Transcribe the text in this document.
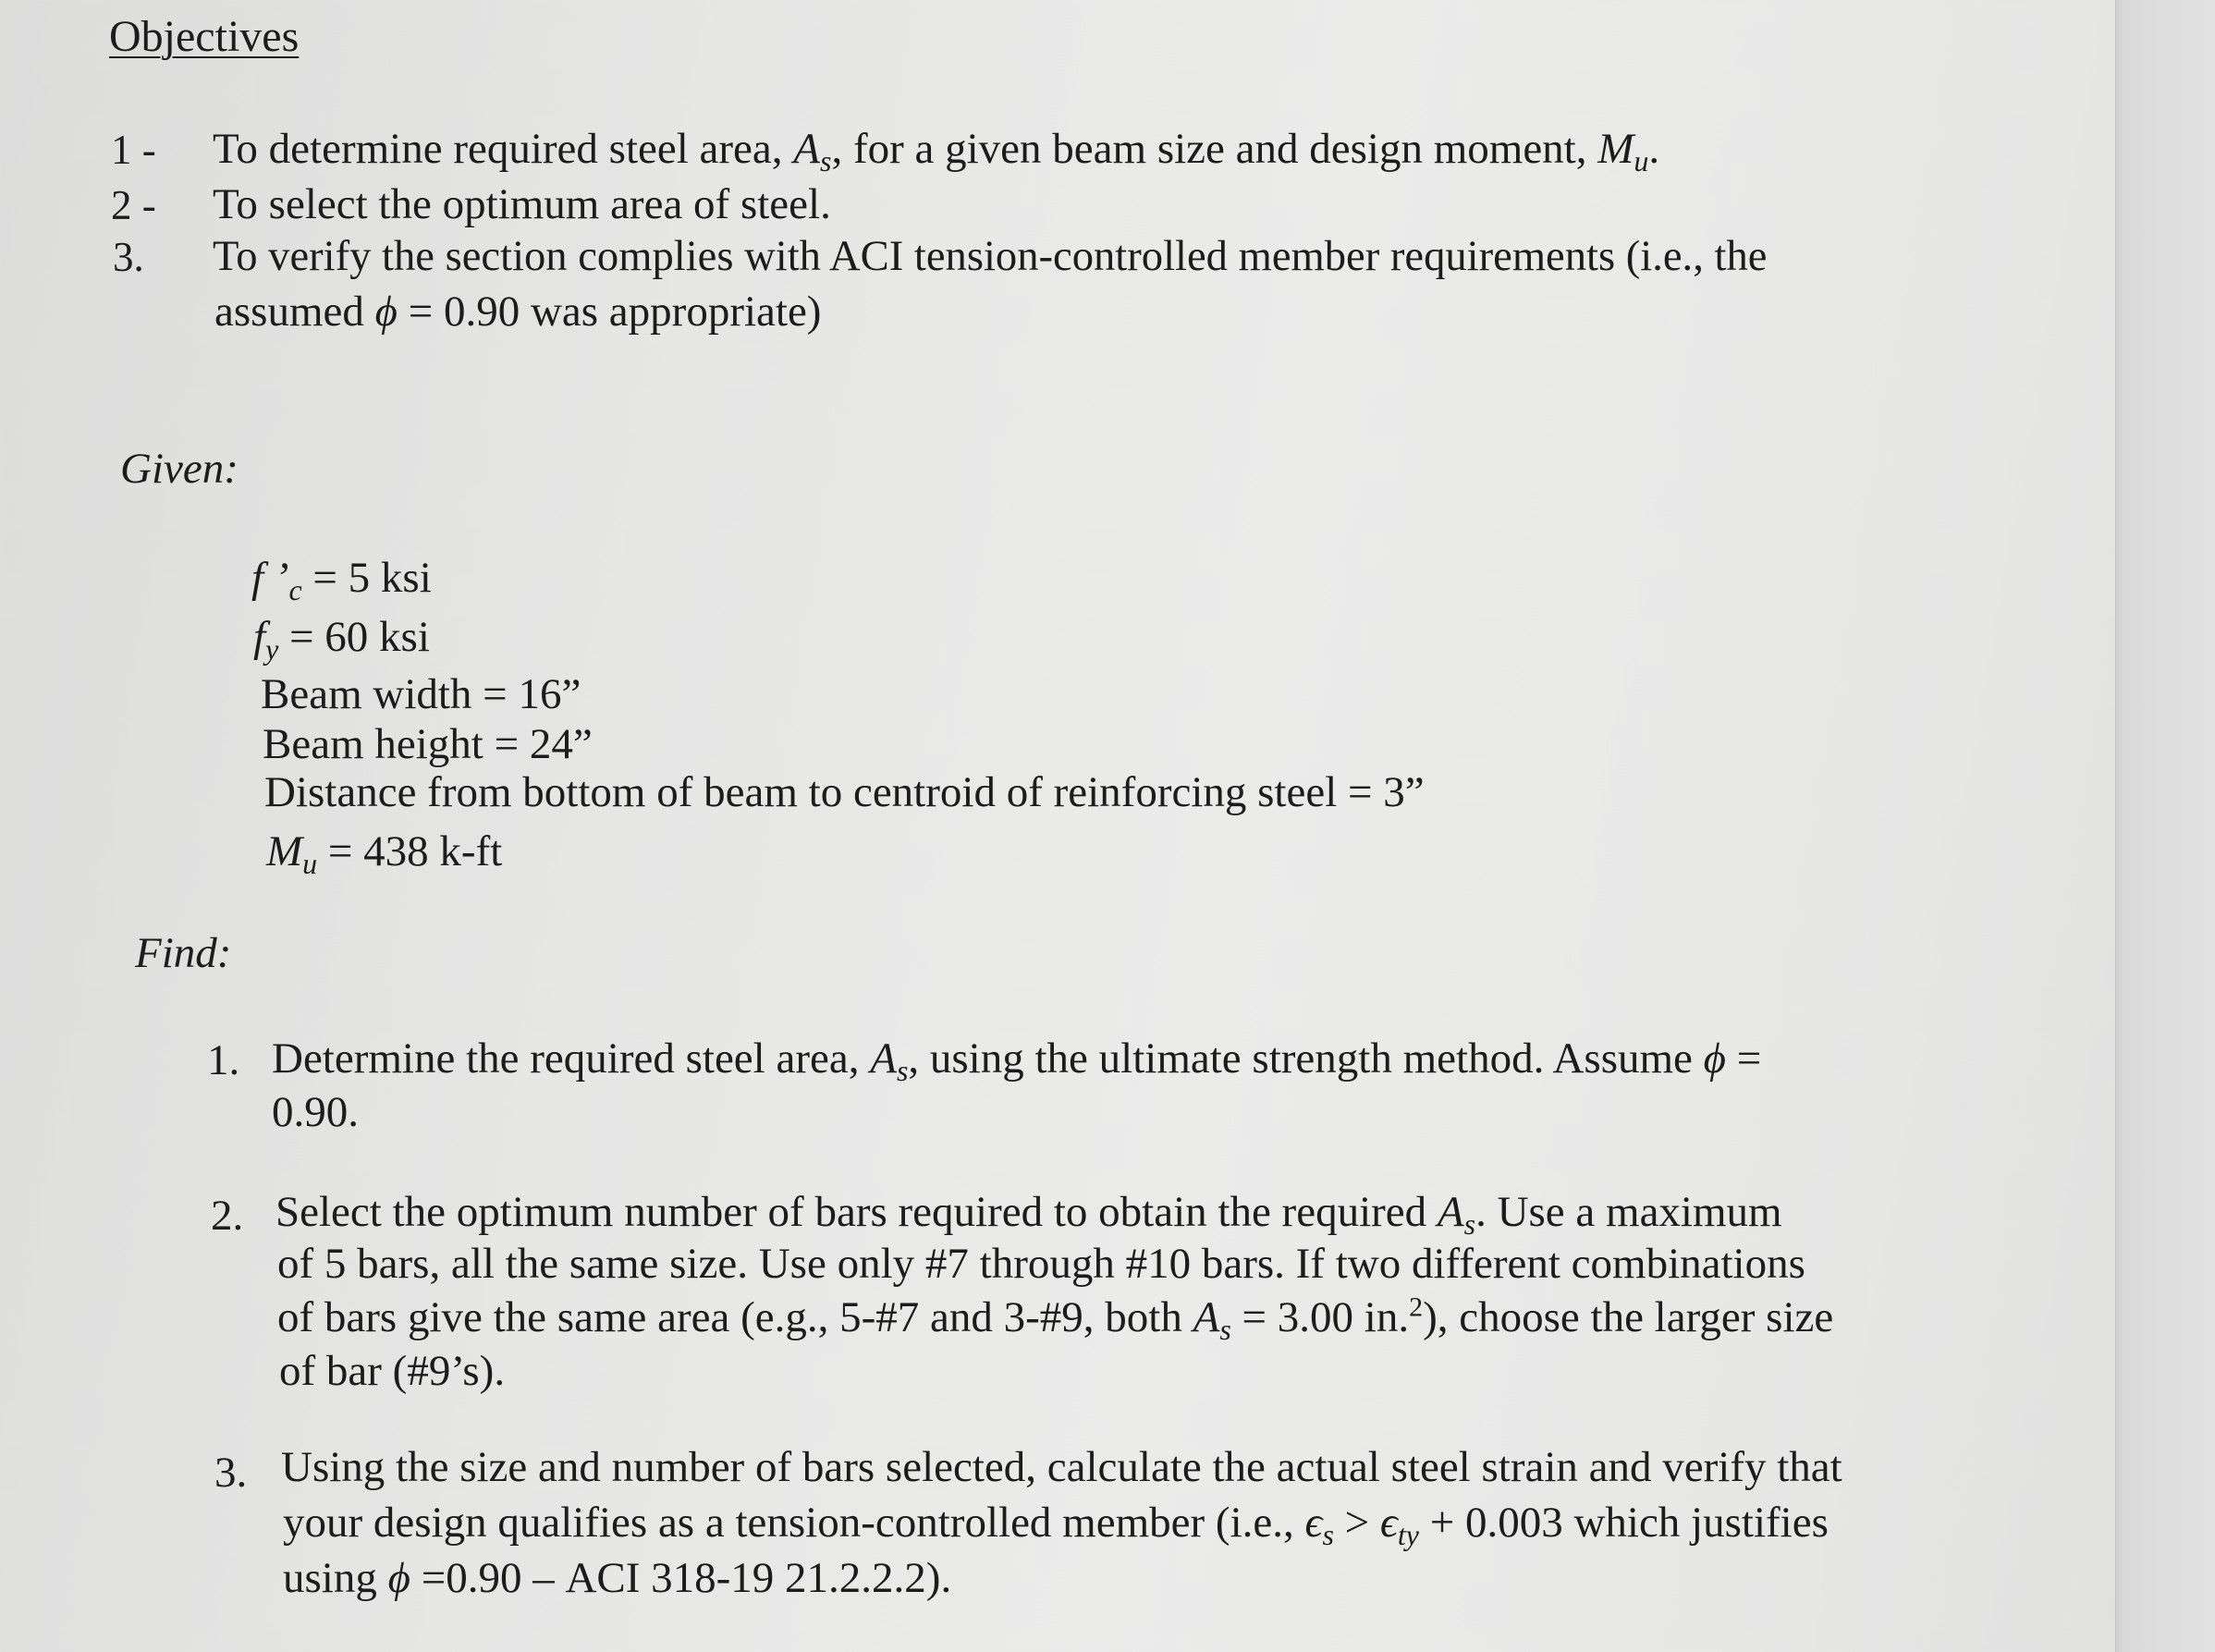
Objectives
1 - To determine required steel area, $A_s$, for a given beam size and design moment, $M_u$.
2 - To select the optimum area of steel.
3. To verify the section complies with ACI tension-controlled member requirements (i.e., the
assumed ϕ = 0.90 was appropriate)
Given:
f $’_c = 5$ ksi
$f_y = 60$ ksi
Beam width = 16”
Beam height = 24”
Distance from bottom of beam to centroid of reinforcing steel = 3”
$M_u = 438$ k-ft
Find:
1. Determine the required steel area, $A_s$, using the ultimate strength method. Assume ϕ =
0.90.
2. Select the optimum number of bars required to obtain the required $A_s$. Use a maximum
of 5 bars, all the same size. Use only #7 through #10 bars. If two different combinations
of bars give the same area (e.g., 5-#7 and 3-#9, both $A_s = 3.00$ in.$^2$), choose the larger size
of bar (#9’s).
3. Using the size and number of bars selected, calculate the actual steel strain and verify that
your design qualifies as a tension-controlled member (i.e., $\epsilon_s > \epsilon_{ty} + 0.003$ which justifies
using ϕ =0.90 – ACI 318-19 21.2.2.2).
